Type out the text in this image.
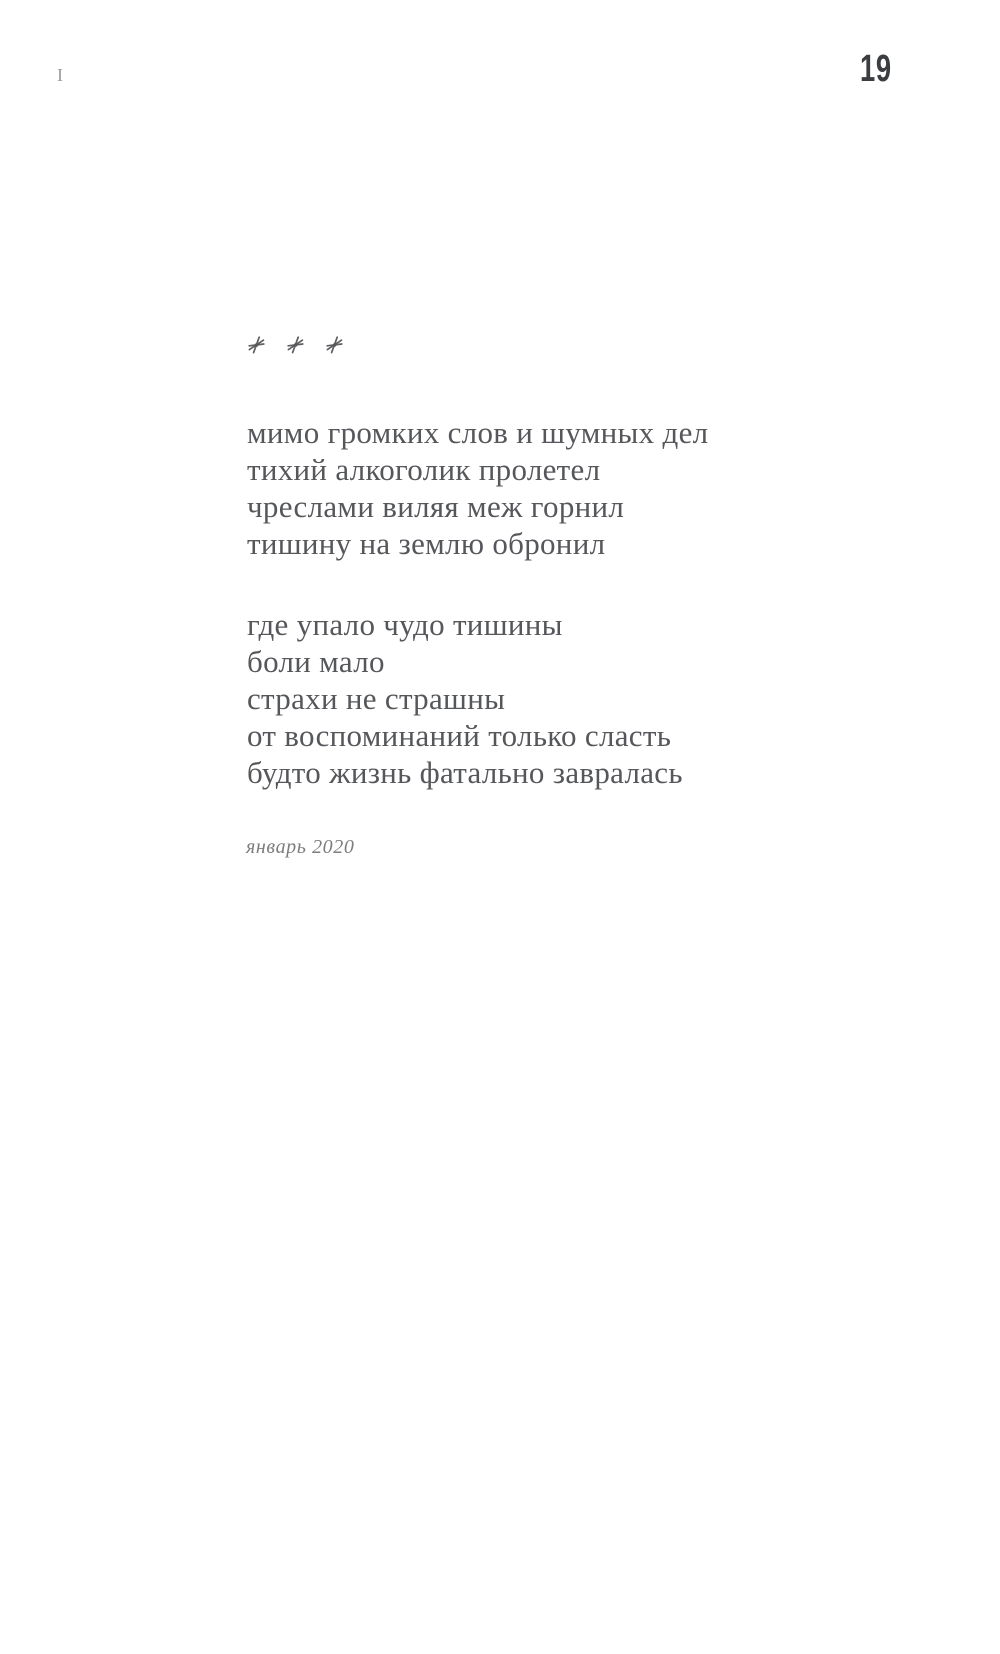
I	19

мимо громких слов и шумных дел
тихий алкоголик пролетел
чреслами виляя меж горнил
тишину на землю обронил
где упало чудо тишины
боли мало
страхи не страшны
от воспоминаний только сласть
будто жизнь фатально завралась
январь 2020
